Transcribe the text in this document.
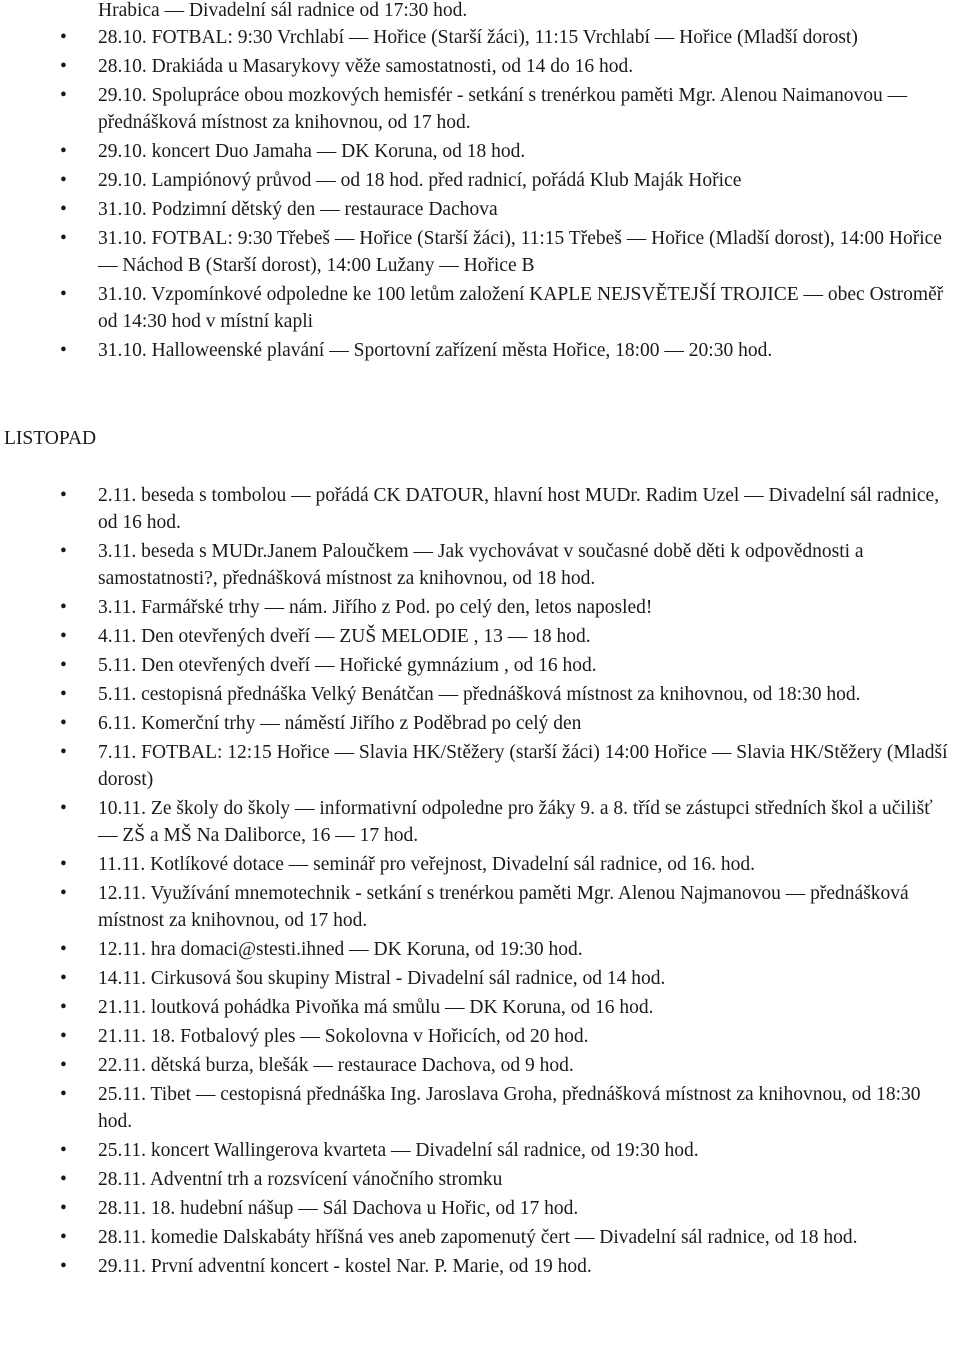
Hrabica — Divadelní sál radnice od 17:30 hod.
• 28.10. FOTBAL: 9:30 Vrchlabí — Hořice (Starší žáci), 11:15 Vrchlabí — Hořice (Mladší dorost)
• 28.10. Drakiáda u Masarykovy věže samostatnosti, od 14 do 16 hod.
• 29.10. Spolupráce obou mozkových hemisfér - setkání s trenérkou paměti Mgr. Alenou Naimanovou — přednášková místnost za knihovnou, od 17 hod.
• 29.10. koncert Duo Jamaha — DK Koruna, od 18 hod.
• 29.10. Lampiónový průvod — od 18 hod. před radnicí, pořádá Klub Maják Hořice
• 31.10. Podzimní dětský den — restaurace Dachova
• 31.10. FOTBAL: 9:30 Třebeš — Hořice (Starší žáci), 11:15 Třebeš — Hořice (Mladší dorost), 14:00 Hořice — Náchod B (Starší dorost), 14:00 Lužany — Hořice B
• 31.10. Vzpomínkové odpoledne ke 100 letům založení KAPLE NEJSVĚTEJŠÍ TROJICE — obec Ostroměř od 14:30 hod v místní kapli
• 31.10. Halloweenské plavání — Sportovní zařízení města Hořice, 18:00 — 20:30 hod.
LISTOPAD
• 2.11. beseda s tombolou — pořádá CK DATOUR, hlavní host MUDr. Radim Uzel — Divadelní sál radnice, od 16 hod.
• 3.11. beseda s MUDr.Janem Paloučkem — Jak vychovávat v současné době děti k odpovědnosti a samostatnosti?, přednášková místnost za knihovnou, od 18 hod.
• 3.11. Farmářské trhy — nám. Jiřího z Pod. po celý den, letos naposled!
• 4.11. Den otevřených dveří — ZUŠ MELODIE , 13 — 18 hod.
• 5.11. Den otevřených dveří — Hořické gymnázium , od 16 hod.
• 5.11. cestopisná přednáška Velký Benátčan — přednášková místnost za knihovnou, od 18:30 hod.
• 6.11. Komerční trhy — náměstí Jiřího z Poděbrad po celý den
• 7.11. FOTBAL: 12:15 Hořice — Slavia HK/Stěžery (starší žáci) 14:00 Hořice — Slavia HK/Stěžery (Mladší dorost)
• 10.11. Ze školy do školy — informativní odpoledne pro žáky 9. a 8. tříd se zástupci středních škol a učilišť — ZŠ a MŠ Na Daliborce, 16 — 17 hod.
• 11.11. Kotlíkové dotace — seminář pro veřejnost, Divadelní sál radnice, od 16. hod.
• 12.11. Využívání mnemotechnik - setkání s trenérkou paměti Mgr. Alenou Najmanovou — přednášková místnost za knihovnou, od 17 hod.
• 12.11. hra domaci@stesti.ihned — DK Koruna, od 19:30 hod.
• 14.11. Cirkusová šou skupiny Mistral - Divadelní sál radnice, od 14 hod.
• 21.11. loutková pohádka Pivoňka má smůlu — DK Koruna, od 16 hod.
• 21.11. 18. Fotbalový ples — Sokolovna v Hořicích, od 20 hod.
• 22.11. dětská burza, blešák — restaurace Dachova, od 9 hod.
• 25.11. Tibet — cestopisná přednáška Ing. Jaroslava Groha, přednášková místnost za knihovnou, od 18:30 hod.
• 25.11. koncert Wallingerova kvarteta — Divadelní sál radnice, od 19:30 hod.
• 28.11. Adventní trh a rozsvícení vánočního stromku
• 28.11. 18. hudební nášup — Sál Dachova u Hořic, od 17 hod.
• 28.11. komedie Dalskabáty hříšná ves aneb zapomenutý čert — Divadelní sál radnice, od 18 hod.
• 29.11. První adventní koncert - kostel Nar. P. Marie, od 19 hod.
